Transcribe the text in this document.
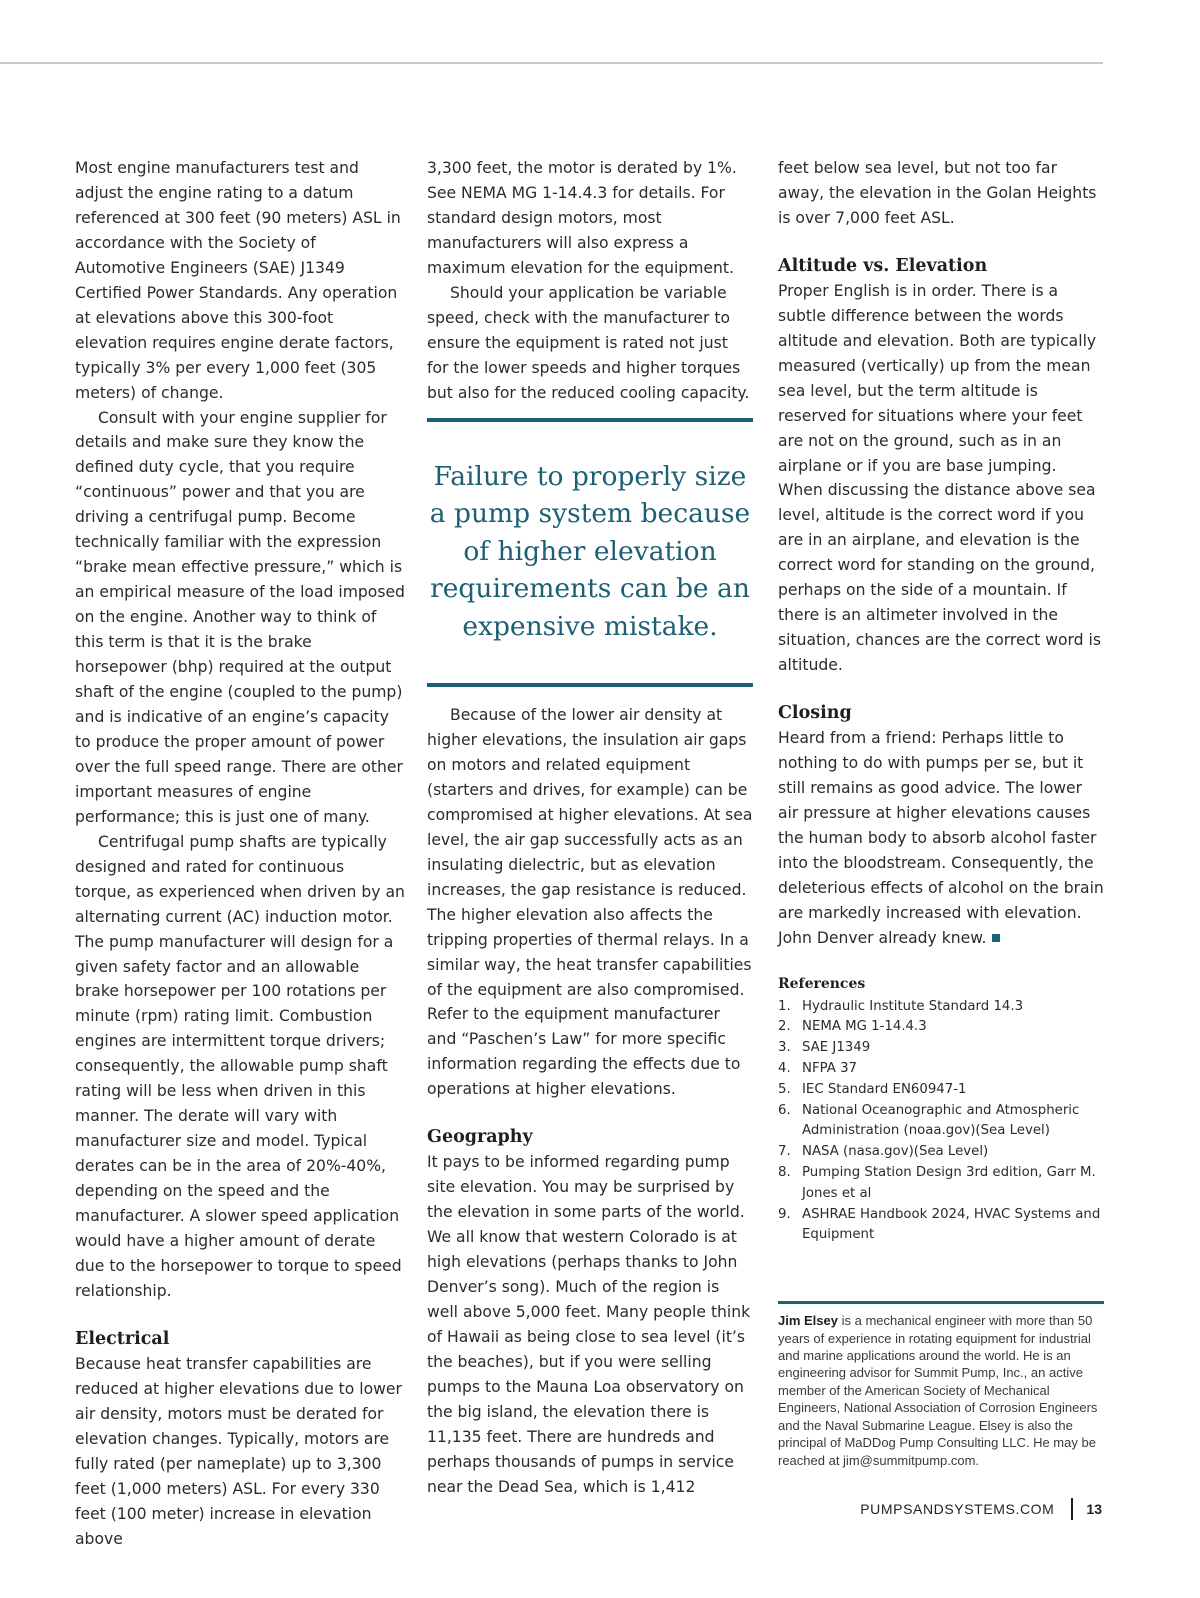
Most engine manufacturers test and adjust the engine rating to a datum referenced at 300 feet (90 meters) ASL in accordance with the Society of Automotive Engineers (SAE) J1349 Certified Power Standards. Any operation at elevations above this 300-foot elevation requires engine derate factors, typically 3% per every 1,000 feet (305 meters) of change.

Consult with your engine supplier for details and make sure they know the defined duty cycle, that you require “continuous” power and that you are driving a centrifugal pump. Become technically familiar with the expression “brake mean effective pressure,” which is an empirical measure of the load imposed on the engine. Another way to think of this term is that it is the brake horsepower (bhp) required at the output shaft of the engine (coupled to the pump) and is indicative of an engine’s capacity to produce the proper amount of power over the full speed range. There are other important measures of engine performance; this is just one of many.

Centrifugal pump shafts are typically designed and rated for continuous torque, as experienced when driven by an alternating current (AC) induction motor. The pump manufacturer will design for a given safety factor and an allowable brake horsepower per 100 rotations per minute (rpm) rating limit. Combustion engines are intermittent torque drivers; consequently, the allowable pump shaft rating will be less when driven in this manner. The derate will vary with manufacturer size and model. Typical derates can be in the area of 20%-40%, depending on the speed and the manufacturer. A slower speed application would have a higher amount of derate due to the horsepower to torque to speed relationship.

Electrical

Because heat transfer capabilities are reduced at higher elevations due to lower air density, motors must be derated for elevation changes. Typically, motors are fully rated (per nameplate) up to 3,300 feet (1,000 meters) ASL. For every 330 feet (100 meter) increase in elevation above

3,300 feet, the motor is derated by 1%. See NEMA MG 1-14.4.3 for details. For standard design motors, most manufacturers will also express a maximum elevation for the equipment.

Should your application be variable speed, check with the manufacturer to ensure the equipment is rated not just for the lower speeds and higher torques but also for the reduced cooling capacity.

Failure to properly size a pump system because of higher elevation requirements can be an expensive mistake.

Because of the lower air density at higher elevations, the insulation air gaps on motors and related equipment (starters and drives, for example) can be compromised at higher elevations. At sea level, the air gap successfully acts as an insulating dielectric, but as elevation increases, the gap resistance is reduced. The higher elevation also affects the tripping properties of thermal relays. In a similar way, the heat transfer capabilities of the equipment are also compromised. Refer to the equipment manufacturer and “Paschen’s Law” for more specific information regarding the effects due to operations at higher elevations.

Geography

It pays to be informed regarding pump site elevation. You may be surprised by the elevation in some parts of the world. We all know that western Colorado is at high elevations (perhaps thanks to John Denver’s song). Much of the region is well above 5,000 feet. Many people think of Hawaii as being close to sea level (it’s the beaches), but if you were selling pumps to the Mauna Loa observatory on the big island, the elevation there is 11,135 feet. There are hundreds and perhaps thousands of pumps in service near the Dead Sea, which is 1,412

feet below sea level, but not too far away, the elevation in the Golan Heights is over 7,000 feet ASL.

Altitude vs. Elevation

Proper English is in order. There is a subtle difference between the words altitude and elevation. Both are typically measured (vertically) up from the mean sea level, but the term altitude is reserved for situations where your feet are not on the ground, such as in an airplane or if you are base jumping. When discussing the distance above sea level, altitude is the correct word if you are in an airplane, and elevation is the correct word for standing on the ground, perhaps on the side of a mountain. If there is an altimeter involved in the situation, chances are the correct word is altitude.

Closing

Heard from a friend: Perhaps little to nothing to do with pumps per se, but it still remains as good advice. The lower air pressure at higher elevations causes the human body to absorb alcohol faster into the bloodstream. Consequently, the deleterious effects of alcohol on the brain are markedly increased with elevation. John Denver already knew.

References
1. Hydraulic Institute Standard 14.3
2. NEMA MG 1-14.4.3
3. SAE J1349
4. NFPA 37
5. IEC Standard EN60947-1
6. National Oceanographic and Atmospheric Administration (noaa.gov)(Sea Level)
7. NASA (nasa.gov)(Sea Level)
8. Pumping Station Design 3rd edition, Garr M. Jones et al
9. ASHRAE Handbook 2024, HVAC Systems and Equipment

Jim Elsey is a mechanical engineer with more than 50 years of experience in rotating equipment for industrial and marine applications around the world. He is an engineering advisor for Summit Pump, Inc., an active member of the American Society of Mechanical Engineers, National Association of Corrosion Engineers and the Naval Submarine League. Elsey is also the principal of MaDDog Pump Consulting LLC. He may be reached at jim@summitpump.com.

PUMPSANDSYSTEMS.COM 13
